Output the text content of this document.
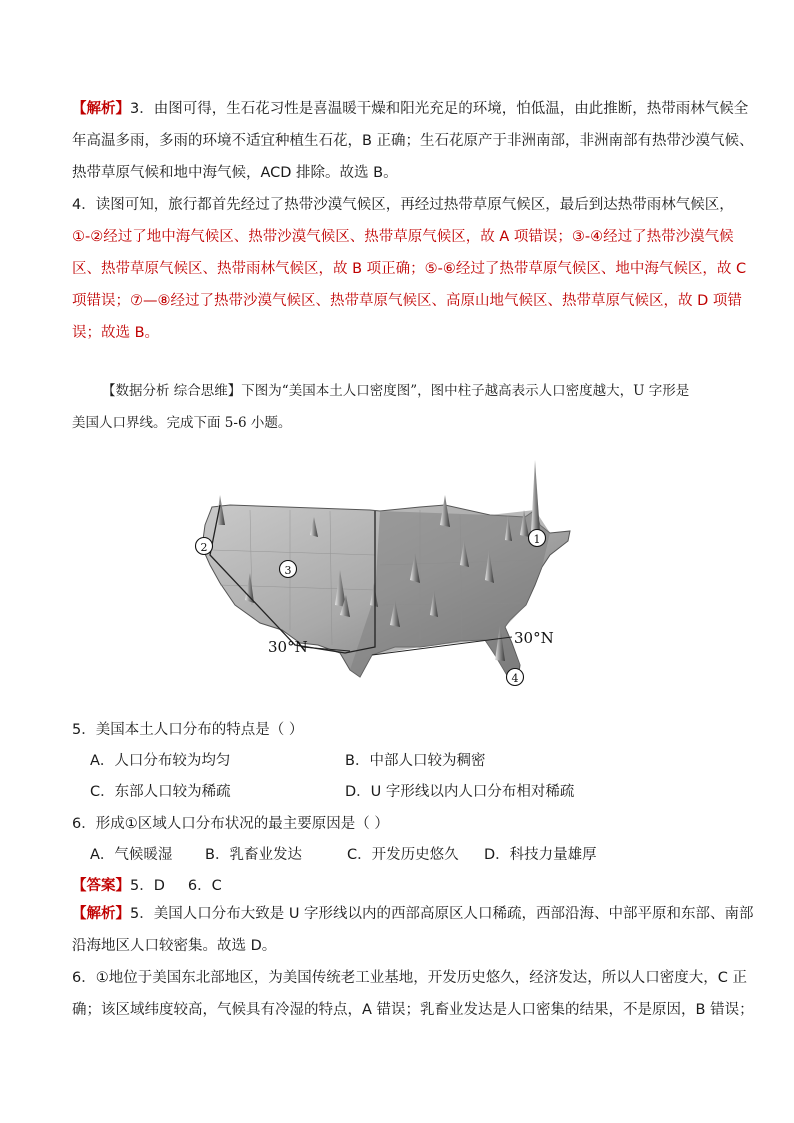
【解析】3．由图可得，生石花习性是喜温暖干燥和阳光充足的环境，怕低温，由此推断，热带雨林气候全
年高温多雨，多雨的环境不适宜种植生石花，B 正确；生石花原产于非洲南部，非洲南部有热带沙漠气候、
热带草原气候和地中海气候，ACD 排除。故选 B。
4．读图可知，旅行都首先经过了热带沙漠气候区，再经过热带草原气候区，最后到达热带雨林气候区，
①-②经过了地中海气候区、热带沙漠气候区、热带草原气候区，故 A 项错误；③-④经过了热带沙漠气候
区、热带草原气候区、热带雨林气候区，故 B 项正确；⑤-⑥经过了热带草原气候区、地中海气候区，故 C
项错误；⑦—⑧经过了热带沙漠气候区、热带草原气候区、高原山地气候区、热带草原气候区，故 D 项错
误；故选 B。
【数据分析 综合思维】下图为“美国本土人口密度图”，图中柱子越高表示人口密度越大，U 字形是
美国人口界线。完成下面 5-6 小题。
30°N	30°N
1
2
3
4
5．美国本土人口分布的特点是（ ）
A．人口分布较为均匀	B．中部人口较为稠密
C．东部人口较为稀疏	D．U 字形线以内人口分布相对稀疏
6．形成①区域人口分布状况的最主要原因是（ ）
A．气候暖湿 B．乳畜业发达	C．开发历史悠久 D．科技力量雄厚
【答案】5．D     6．C
【解析】5．美国人口分布大致是 U 字形线以内的西部高原区人口稀疏，西部沿海、中部平原和东部、南部
沿海地区人口较密集。故选 D。
6．①地位于美国东北部地区，为美国传统老工业基地，开发历史悠久，经济发达，所以人口密度大，C 正
确；该区域纬度较高，气候具有冷湿的特点，A 错误；乳畜业发达是人口密集的结果，不是原因，B 错误；
